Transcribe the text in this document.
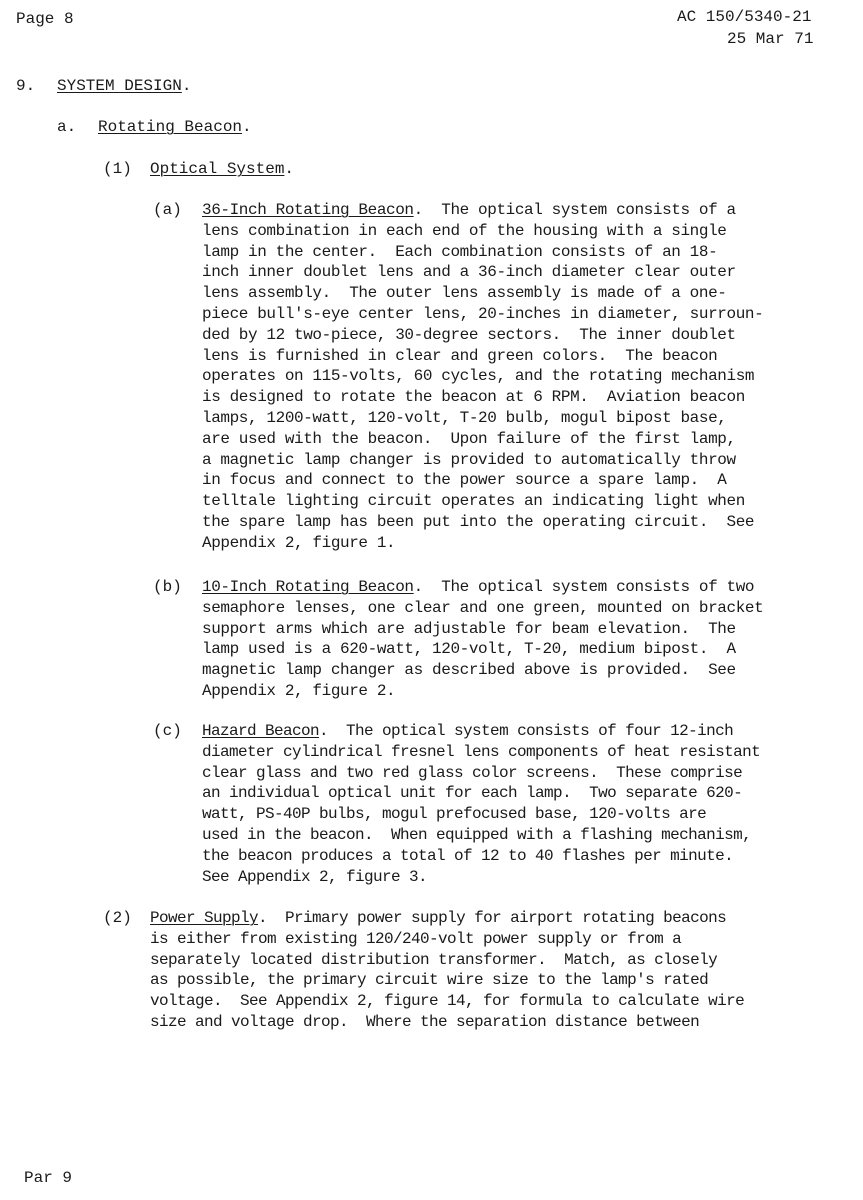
Page 8	AC 150/5340-21
25 Mar 71
9. SYSTEM DESIGN.
a. Rotating Beacon.
(1) Optical System.
(a) 36-Inch Rotating Beacon.  The optical system consists of a
lens combination in each end of the housing with a single
lamp in the center.  Each combination consists of an 18-
inch inner doublet lens and a 36-inch diameter clear outer
lens assembly.  The outer lens assembly is made of a one-
piece bull's-eye center lens, 20-inches in diameter, surroun-
ded by 12 two-piece, 30-degree sectors.  The inner doublet
lens is furnished in clear and green colors.  The beacon
operates on 115-volts, 60 cycles, and the rotating mechanism
is designed to rotate the beacon at 6 RPM.  Aviation beacon
lamps, 1200-watt, 120-volt, T-20 bulb, mogul bipost base,
are used with the beacon.  Upon failure of the first lamp,
a magnetic lamp changer is provided to automatically throw
in focus and connect to the power source a spare lamp.  A
telltale lighting circuit operates an indicating light when
the spare lamp has been put into the operating circuit.  See
Appendix 2, figure 1.
(b) 10-Inch Rotating Beacon.  The optical system consists of two
semaphore lenses, one clear and one green, mounted on bracket
support arms which are adjustable for beam elevation.  The
lamp used is a 620-watt, 120-volt, T-20, medium bipost.  A
magnetic lamp changer as described above is provided.  See
Appendix 2, figure 2.
(c) Hazard Beacon.  The optical system consists of four 12-inch
diameter cylindrical fresnel lens components of heat resistant
clear glass and two red glass color screens.  These comprise
an individual optical unit for each lamp.  Two separate 620-
watt, PS-40P bulbs, mogul prefocused base, 120-volts are
used in the beacon.  When equipped with a flashing mechanism,
the beacon produces a total of 12 to 40 flashes per minute.
See Appendix 2, figure 3.
(2) Power Supply.  Primary power supply for airport rotating beacons
is either from existing 120/240-volt power supply or from a
separately located distribution transformer.  Match, as closely
as possible, the primary circuit wire size to the lamp's rated
voltage.  See Appendix 2, figure 14, for formula to calculate wire
size and voltage drop.  Where the separation distance between
Par 9
